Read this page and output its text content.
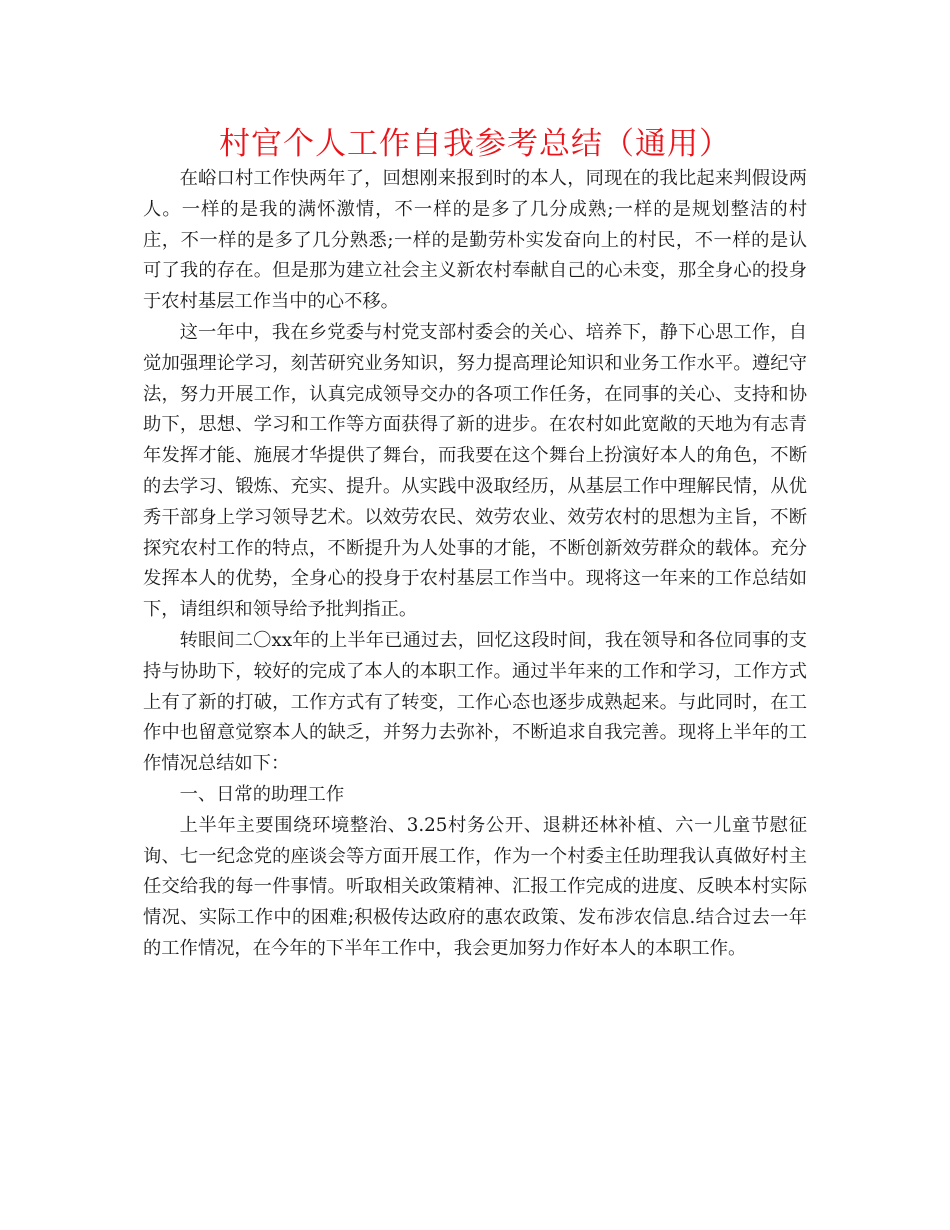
村官个人工作自我参考总结（通用）

在峪口村工作快两年了，回想刚来报到时的本人，同现在的我比起来判假设两人。一样的是我的满怀激情，不一样的是多了几分成熟;一样的是规划整洁的村庄，不一样的是多了几分熟悉;一样的是勤劳朴实发奋向上的村民，不一样的是认可了我的存在。但是那为建立社会主义新农村奉献自己的心未变，那全身心的投身于农村基层工作当中的心不移。

这一年中，我在乡党委与村党支部村委会的关心、培养下，静下心思工作，自觉加强理论学习，刻苦研究业务知识，努力提高理论知识和业务工作水平。遵纪守法，努力开展工作，认真完成领导交办的各项工作任务，在同事的关心、支持和协助下，思想、学习和工作等方面获得了新的进步。在农村如此宽敞的天地为有志青年发挥才能、施展才华提供了舞台，而我要在这个舞台上扮演好本人的角色，不断的去学习、锻炼、充实、提升。从实践中汲取经历，从基层工作中理解民情，从优秀干部身上学习领导艺术。以效劳农民、效劳农业、效劳农村的思想为主旨，不断探究农村工作的特点，不断提升为人处事的才能，不断创新效劳群众的载体。充分发挥本人的优势，全身心的投身于农村基层工作当中。现将这一年来的工作总结如下，请组织和领导给予批判指正。

转眼间二〇xx年的上半年已通过去，回忆这段时间，我在领导和各位同事的支持与协助下，较好的完成了本人的本职工作。通过半年来的工作和学习，工作方式上有了新的打破，工作方式有了转变，工作心态也逐步成熟起来。与此同时，在工作中也留意觉察本人的缺乏，并努力去弥补，不断追求自我完善。现将上半年的工作情况总结如下：

一、日常的助理工作

上半年主要围绕环境整治、3.25村务公开、退耕还林补植、六一儿童节慰征询、七一纪念党的座谈会等方面开展工作，作为一个村委主任助理我认真做好村主任交给我的每一件事情。听取相关政策精神、汇报工作完成的进度、反映本村实际情况、实际工作中的困难;积极传达政府的惠农政策、发布涉农信息.结合过去一年的工作情况，在今年的下半年工作中，我会更加努力作好本人的本职工作。
